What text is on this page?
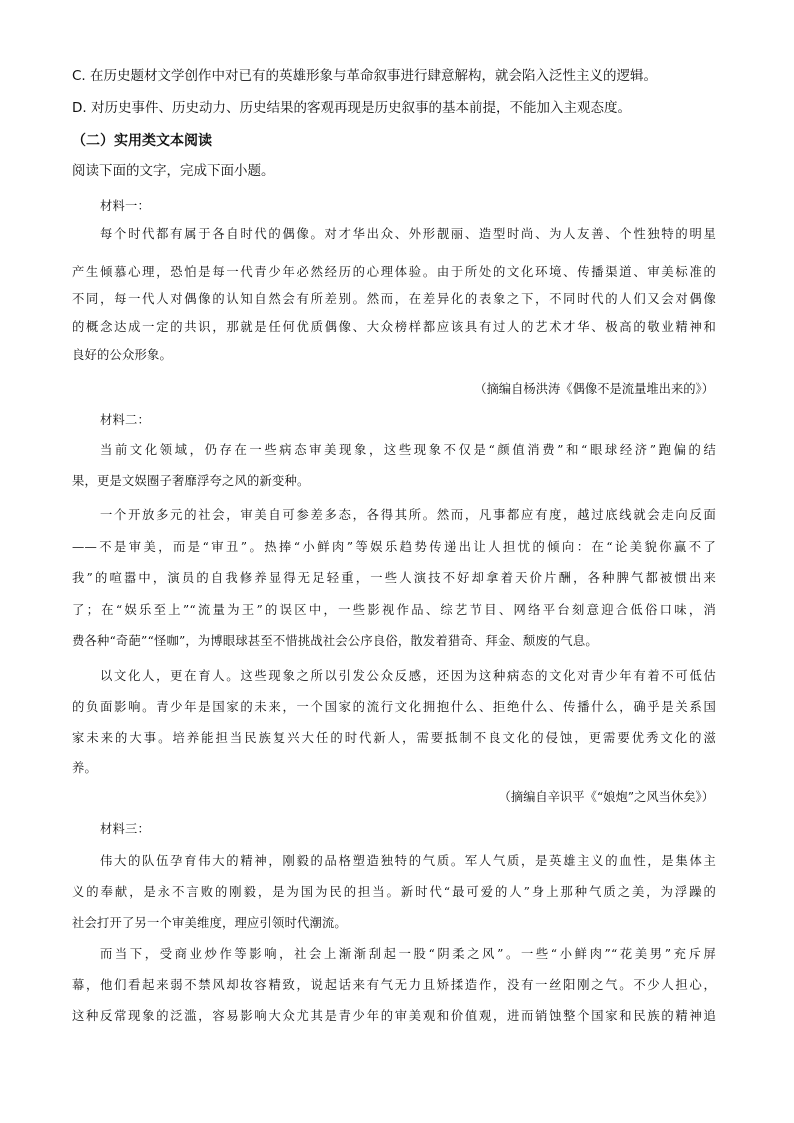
C. 在历史题材文学创作中对已有的英雄形象与革命叙事进行肆意解构，就会陷入泛性主义的逻辑。
D. 对历史事件、历史动力、历史结果的客观再现是历史叙事的基本前提，不能加入主观态度。
（二）实用类文本阅读
阅读下面的文字，完成下面小题。
材料一：
每个时代都有属于各自时代的偶像。对才华出众、外形靓丽、造型时尚、为人友善、个性独特的明星
产生倾慕心理，恐怕是每一代青少年必然经历的心理体验。由于所处的文化环境、传播渠道、审美标准的
不同，每一代人对偶像的认知自然会有所差别。然而，在差异化的表象之下，不同时代的人们又会对偶像
的概念达成一定的共识，那就是任何优质偶像、大众榜样都应该具有过人的艺术才华、极高的敬业精神和
良好的公众形象。
（摘编自杨洪涛《偶像不是流量堆出来的》）
材料二：
当前文化领域，仍存在一些病态审美现象，这些现象不仅是“颜值消费”和“眼球经济”跑偏的结
果，更是文娱圈子奢靡浮夸之风的新变种。
一个开放多元的社会，审美自可参差多态，各得其所。然而，凡事都应有度，越过底线就会走向反面
——不是审美，而是“审丑”。热捧“小鲜肉”等娱乐趋势传递出让人担忧的倾向：在“论美貌你赢不了
我”的喧嚣中，演员的自我修养显得无足轻重，一些人演技不好却拿着天价片酬，各种脾气都被惯出来
了；在“娱乐至上”“流量为王”的误区中，一些影视作品、综艺节目、网络平台刻意迎合低俗口味，消
费各种“奇葩”“怪咖”，为博眼球甚至不惜挑战社会公序良俗，散发着猎奇、拜金、颓废的气息。
以文化人，更在育人。这些现象之所以引发公众反感，还因为这种病态的文化对青少年有着不可低估
的负面影响。青少年是国家的未来，一个国家的流行文化拥抱什么、拒绝什么、传播什么，确乎是关系国
家未来的大事。培养能担当民族复兴大任的时代新人，需要抵制不良文化的侵蚀，更需要优秀文化的滋
养。
（摘编自辛识平《“娘炮”之风当休矣》）
材料三：
伟大的队伍孕育伟大的精神，刚毅的品格塑造独特的气质。军人气质，是英雄主义的血性，是集体主
义的奉献，是永不言败的刚毅，是为国为民的担当。新时代“最可爱的人”身上那种气质之美，为浮躁的
社会打开了另一个审美维度，理应引领时代潮流。
而当下，受商业炒作等影响，社会上渐渐刮起一股“阴柔之风”。一些“小鲜肉”“花美男”充斥屏
幕，他们看起来弱不禁风却妆容精致，说起话来有气无力且矫揉造作，没有一丝阳刚之气。不少人担心，
这种反常现象的泛滥，容易影响大众尤其是青少年的审美观和价值观，进而销蚀整个国家和民族的精神追
